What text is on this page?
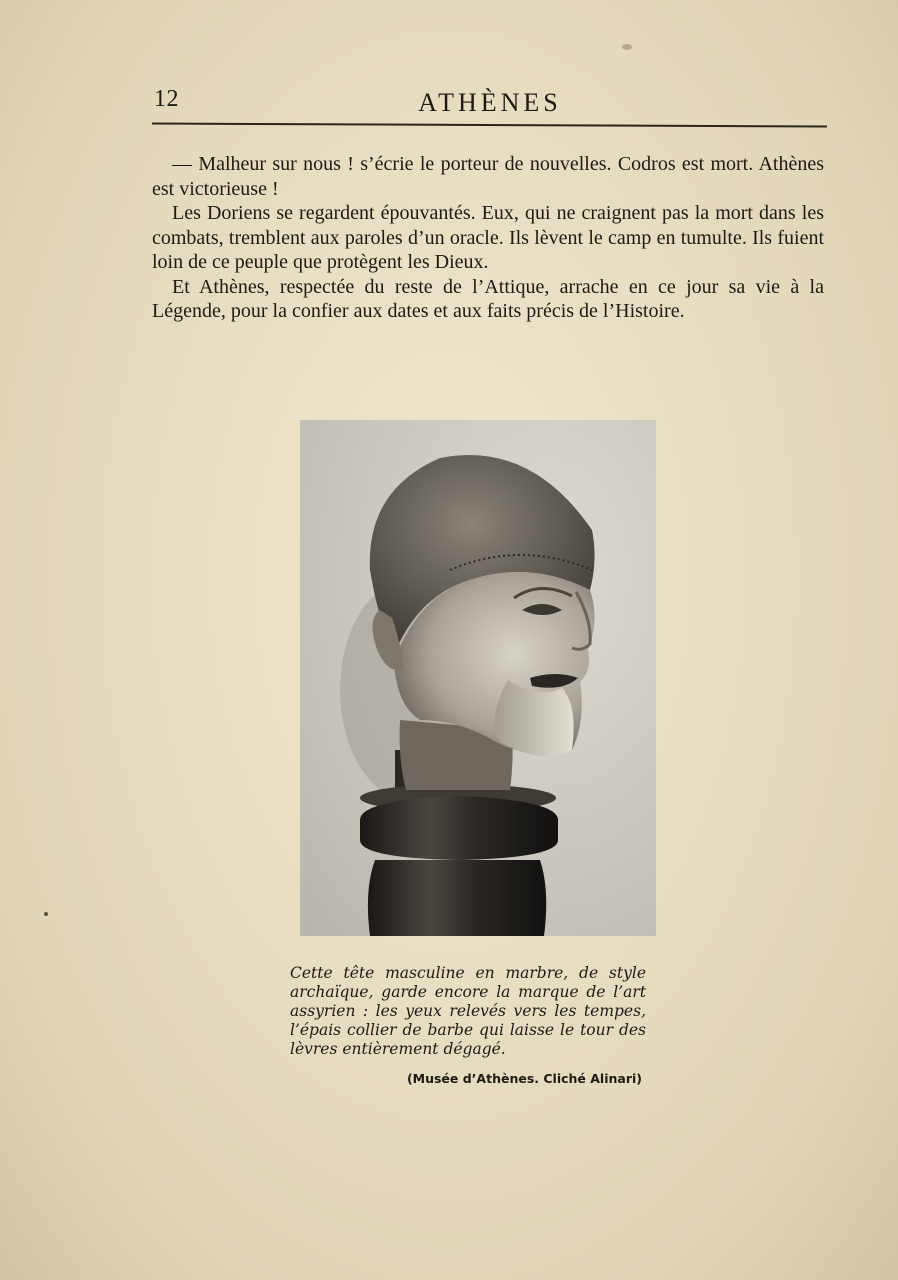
12	ATHÈNES

— Malheur sur nous ! s’écrie le porteur de nouvelles. Codros est mort. Athènes est victorieuse !

Les Doriens se regardent épouvantés. Eux, qui ne craignent pas la mort dans les combats, tremblent aux paroles d’un oracle. Ils lèvent le camp en tumulte. Ils fuient loin de ce peuple que protègent les Dieux.

Et Athènes, respectée du reste de l’Attique, arrache en ce jour sa vie à la Légende, pour la confier aux dates et aux faits précis de l’Histoire.

Cette tête masculine en marbre, de style archaïque, garde encore la marque de l’art assyrien : les yeux relevés vers les tempes, l’épais collier de barbe qui laisse le tour des lèvres entièrement dégagé.
(Musée d’Athènes. Cliché Alinari)
